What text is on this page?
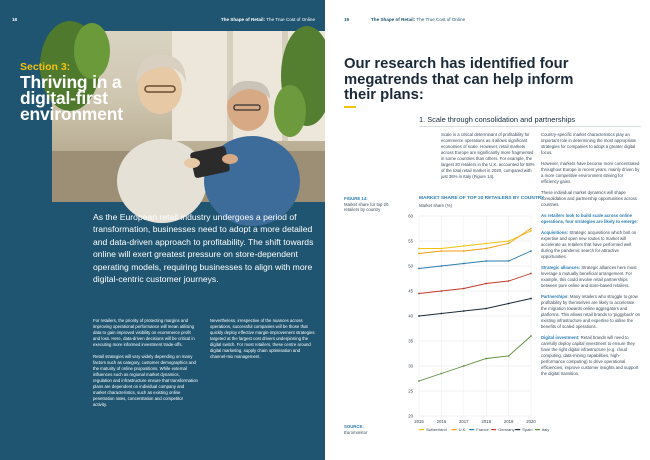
18	The Shape of Retail: The True Cost of Online
Section 3:
Thriving in a digital-first environment
As the European retail industry undergoes a period of transformation, businesses need to adopt a more detailed and data-driven approach to profitability. The shift towards online will exert greatest pressure on store-dependent operating models, requiring businesses to align with more digital-centric customer journeys.

For retailers, the priority of protecting margins and improving operational performance will mean utilising data to gain improved visibility on ecommerce profit and loss. Here, data-driven decisions will be critical in executing more informed investment trade-offs.

Retail strategies will vary widely depending on many factors such as category, customer demographics and the maturity of online propositions. While external influences such as regional market dynamics, regulation and infrastructure ensure that transformation plans are dependent on individual company and market characteristics, such as existing online penetration rates, concentration and competitor activity.

Nevertheless, irrespective of the nuances across operations, successful companies will be those that quickly deploy effective margin-improvement strategies targeted at the largest cost drivers underpinning the digital switch. For most retailers, these centre around digital marketing, supply chain optimisation and channel-mix management.

19	The Shape of Retail: The True Cost of Online
Our research has identified four megatrends that can help inform their plans:
1. Scale through consolidation and partnerships
Scale is a critical determinant of profitability for ecommerce operations as it allows significant economies of scale. However, retail markets across Europe are significantly more fragmented in some countries than others. For example, the largest 20 retailers in the U.K. accounted for 58% of the total retail market in 2020, compared with just 36% in Italy (Figure 14).

Country-specific market characteristics play an important role in determining the most appropriate strategies for companies to adopt a greater digital focus.

However, markets have become more concentrated throughout Europe in recent years, mainly driven by a more competitive environment striving for efficiency gains.

These individual market dynamics will shape consolidation and partnership opportunities across countries.

As retailers look to build scale across online operations, four strategies are likely to emerge:

Acquisitions: Strategic acquisitions which bolt on expertise and open new routes to market will accelerate as retailers that have performed well during the pandemic search for attractive opportunities.

Strategic alliances: Strategic alliances here must leverage a mutually beneficial arrangement. For example, this could involve retail partnerships between pure online and store-based retailers.

Partnerships: Many retailers who struggle to grow profitability by themselves are likely to accelerate the migration towards online aggregators and platforms. This allows retail brands to 'piggyback' on existing infrastructure and expertise to utilise the benefits of scaled operations.

Digital investment: Retail brands will need to carefully deploy capital investment to ensure they have the right digital infrastructure (e.g. cloud computing, data-mining capabilities, high-performance computing) to drive operational efficiencies, improve customer insights and support the digital transition.

FIGURE 14:
Market share for top 20 retailers by country
MARKET SHARE OF TOP 20 RETAILERS BY COUNTRY
Market share (%)
20
25
30
35
40
45
50
55
60
2015	2016	2017	2018	2019	2020
Switzerland	U.K. France Germany Spain Italy
SOURCE:
Euromonitor
